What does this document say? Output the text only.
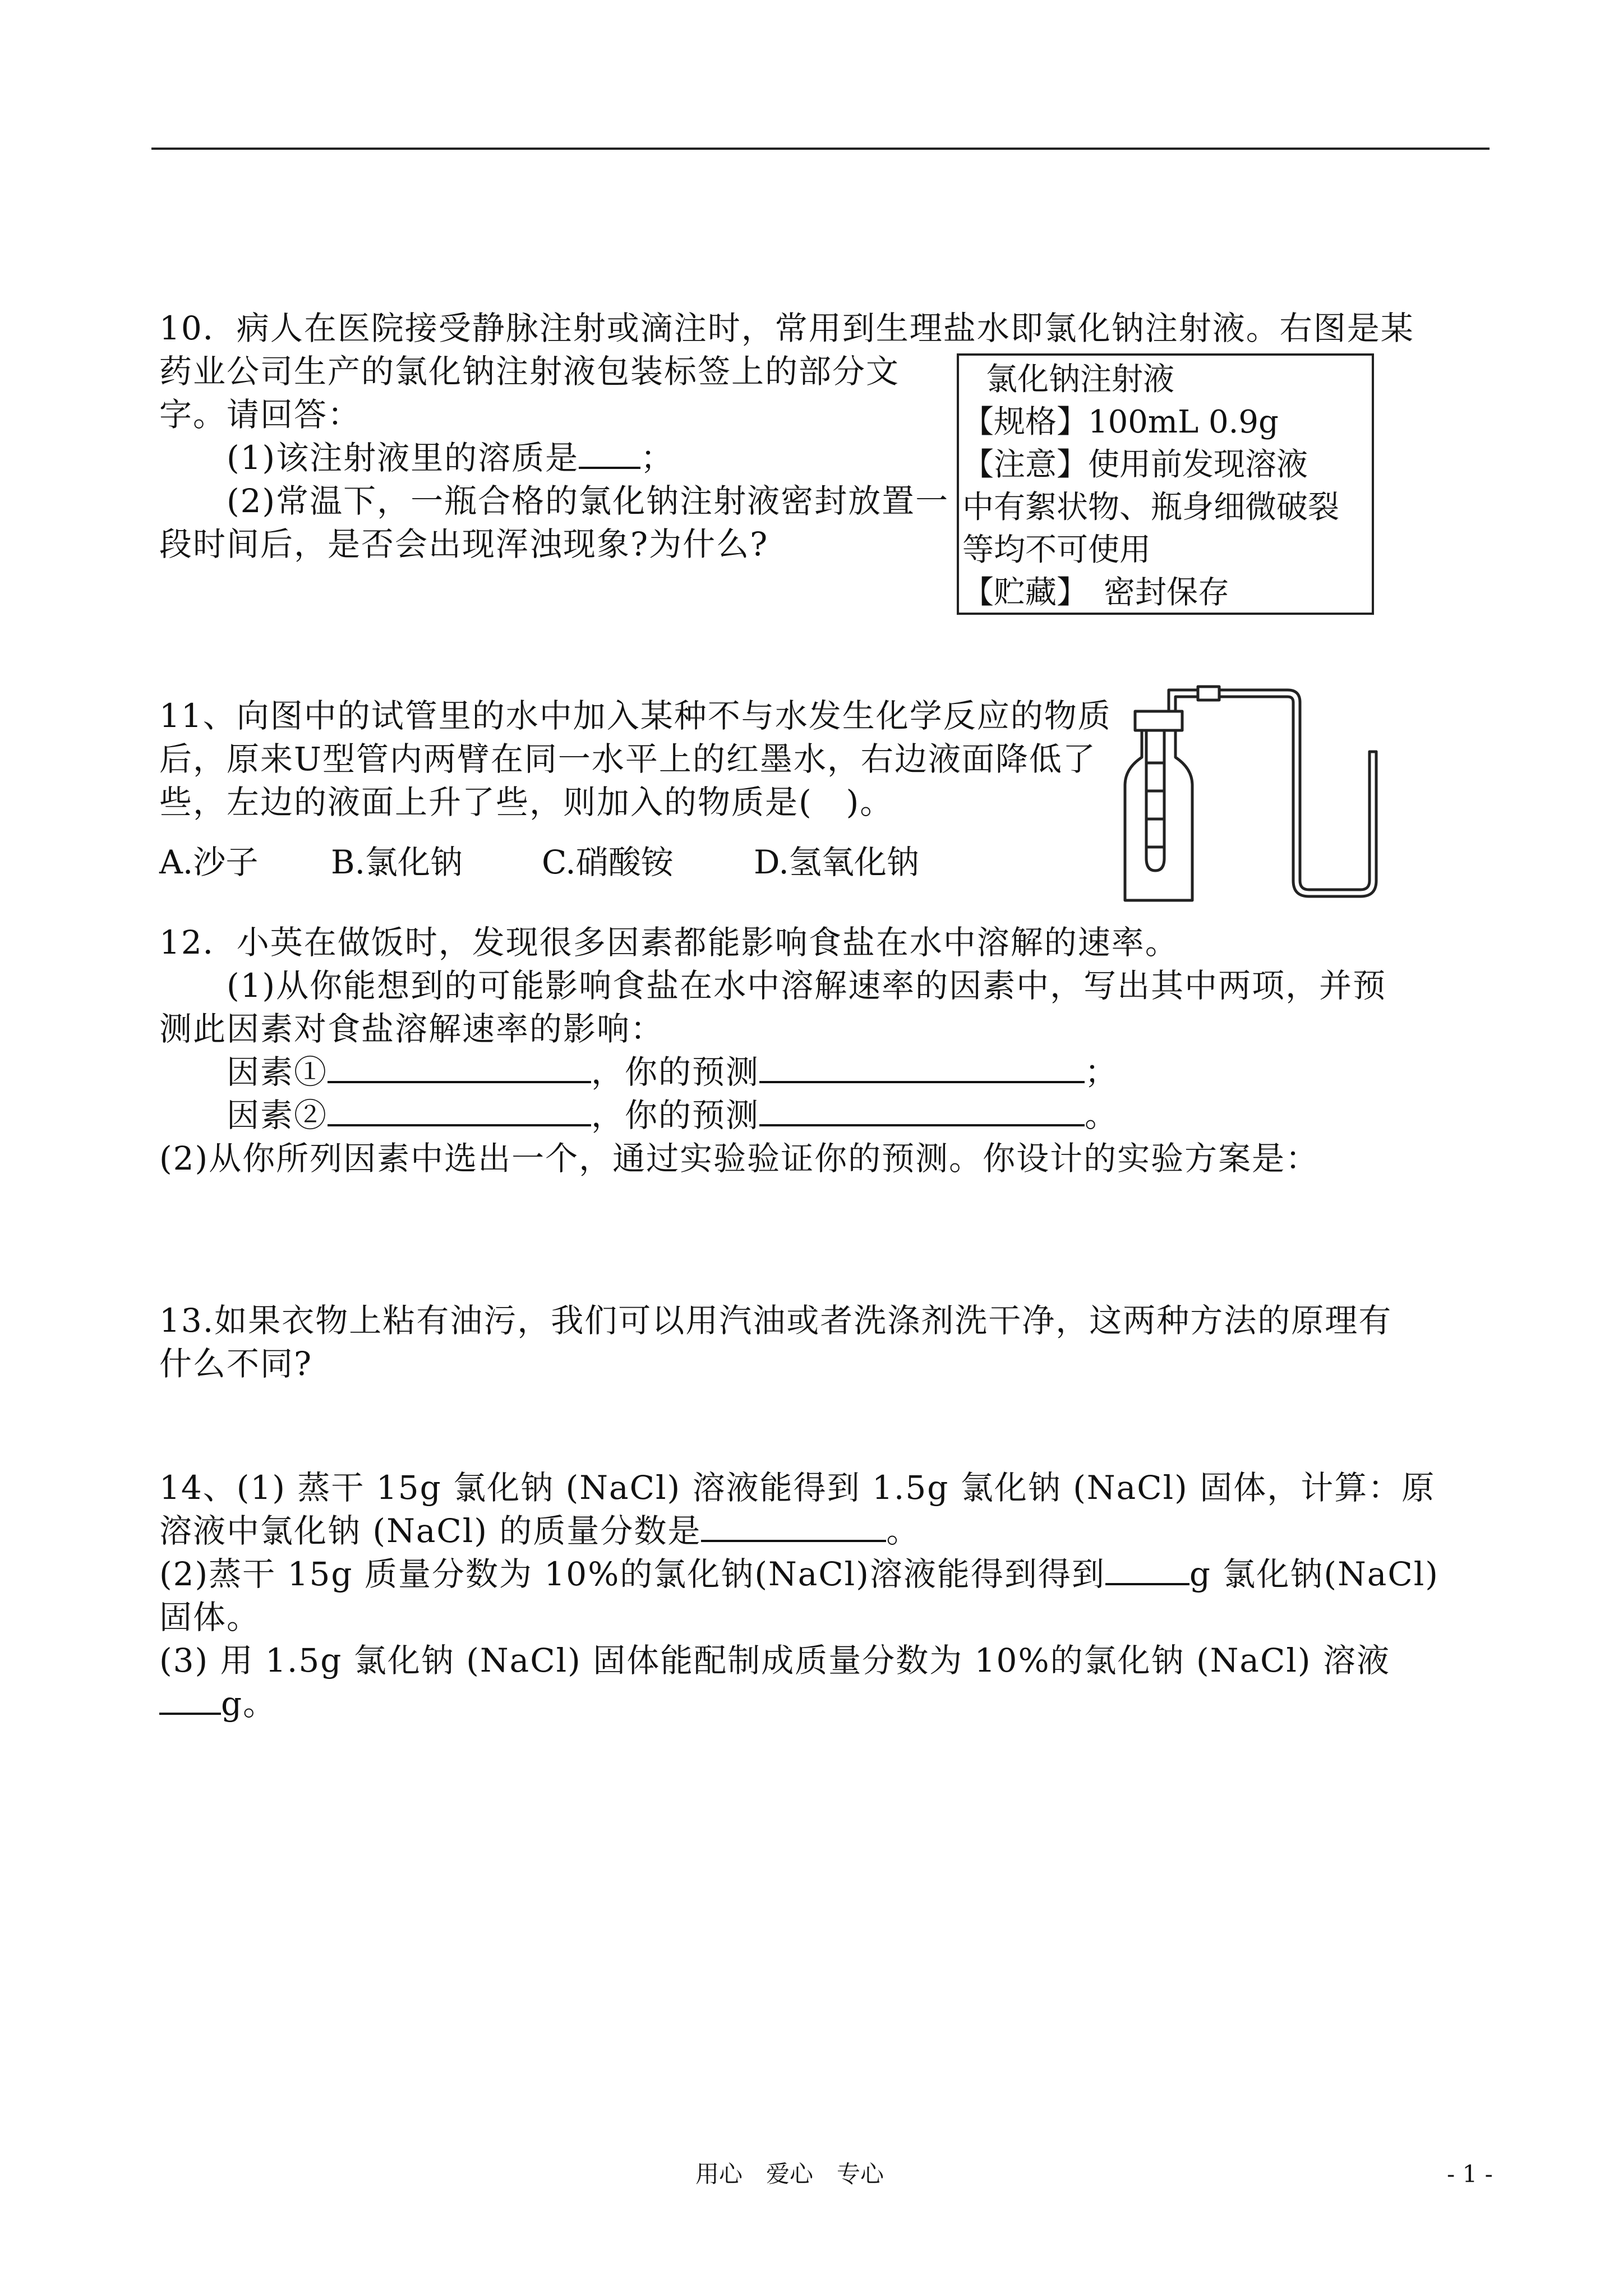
10．病人在医院接受静脉注射或滴注时，常用到生理盐水即氯化钠注射液。右图是某
药业公司生产的氯化钠注射液包装标签上的部分文
字。请回答：
(1)该注射液里的溶质是 ；
(2)常温下，一瓶合格的氯化钠注射液密封放置一
段时间后，是否会出现浑浊现象?为什么?
氯化钠注射液
【规格】100mL 0.9g
【注意】使用前发现溶液
中有絮状物、瓶身细微破裂
等均不可使用
【贮藏】　密封保存
11、向图中的试管里的水中加入某种不与水发生化学反应的物质
后，原来U型管内两臂在同一水平上的红墨水，右边液面降低了
些，左边的液面上升了些，则加入的物质是(　)。
A.沙子 B.氯化钠 C.硝酸铵 D.氢氧化钠
12．小英在做饭时，发现很多因素都能影响食盐在水中溶解的速率。
(1)从你能想到的可能影响食盐在水中溶解速率的因素中，写出其中两项，并预
测此因素对食盐溶解速率的影响：
因素①	，你的预测	；
因素②	，你的预测	。
(2)从你所列因素中选出一个，通过实验验证你的预测。你设计的实验方案是：
13.如果衣物上粘有油污，我们可以用汽油或者洗涤剂洗干净，这两种方法的原理有
什么不同?
14、(1) 蒸干 15g 氯化钠 (NaCl) 溶液能得到 1.5g 氯化钠 (NaCl) 固体，计算：原
溶液中氯化钠 (NaCl) 的质量分数是	。
(2)蒸干 15g 质量分数为 10%的氯化钠(NaCl)溶液能得到得到	g 氯化钠(NaCl)
固体。
(3) 用 1.5g 氯化钠 (NaCl) 固体能配制成质量分数为 10%的氯化钠 (NaCl) 溶液
g。
用心　爱心　专心	- 1 -
